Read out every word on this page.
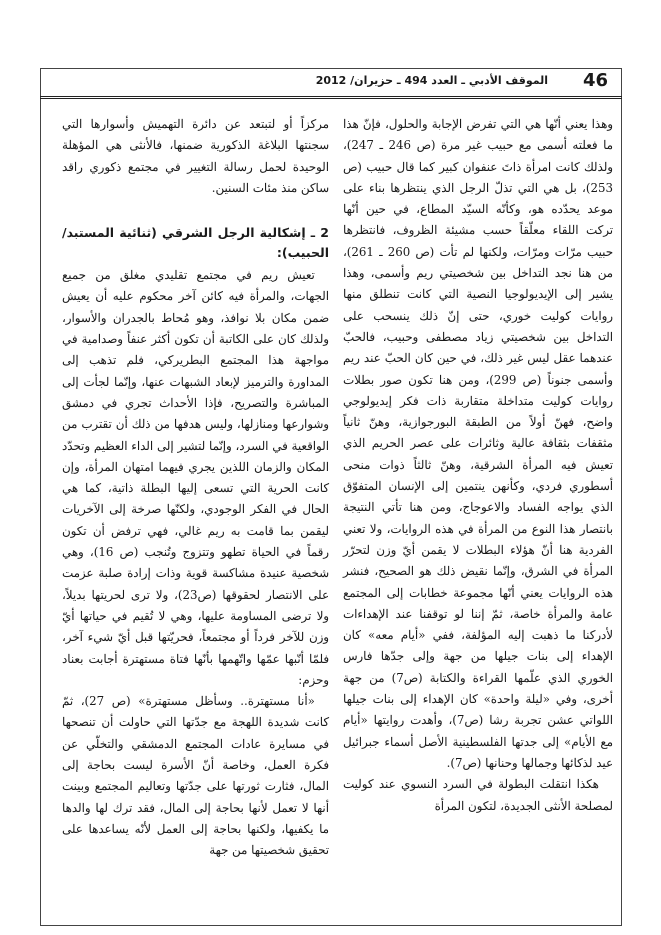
46
الموقف الأدبي ـ العدد 494 ـ حزيران/ 2012

وهذا يعني أنّها هي التي تفرض الإجابة والحلول، فإنّ هذا ما فعلته أسمى مع حبيب غير مرة (ص 246 ـ 247)، ولذلك كانت امرأة ذاتَ عنفوان كبير كما قال حبيب (ص 253)، بل هي التي تذلّ الرجل الذي ينتظرها بناء على موعد يحدّده هو، وكأنّه السيّد المطاع، في حين أنّها تركت اللقاء معلّقاً حسب مشيئة الظروف، فانتظرها حبيب مرّات ومرّات، ولكنها لم تأت (ص 260 ـ 261)، من هنا نجد التداخل بين شخصيتي ريم وأسمى، وهذا يشير إلى الإيديولوجيا النصية التي كانت تنطلق منها روايات كوليت خوري، حتى إنّ ذلك ينسحب على التداخل بين شخصيتي زياد مصطفى وحبيب، فالحبّ عندهما عقل ليس غير ذلك، في حين كان الحبّ عند ريم وأسمى جنوناً (ص 299)، ومن هنا تكون صور بطلات روايات كوليت متداخلة متقاربة ذات فكر إيديولوجي واضح، فهنّ أولاً من الطبقة البورجوازية، وهنّ ثانياً مثقفات بثقافة عالية وثائرات على عصر الحريم الذي تعيش فيه المرأة الشرقية، وهنّ ثالثاً ذوات منحى أسطوري فردي، وكأنهن ينتمين إلى الإنسان المتفوّق الذي يواجه الفساد والاعوجاج، ومن هنا تأتي النتيجة بانتصار هذا النوع من المرأة في هذه الروايات، ولا تعني الفردية هنا أنّ هؤلاء البطلات لا يقمن أيّ وزن لتحرّر المرأة في الشرق، وإنّما نقيض ذلك هو الصحيح، فنشر هذه الروايات يعني أنّها مجموعة خطابات إلى المجتمع عامة والمرأة خاصة، ثمّ إننا لو توقفنا عند الإهداءات لأدركنا ما ذهبت إليه المؤلفة، ففي «أيام معه» كان الإهداء إلى بنات جيلها من جهة وإلى جدّها فارس الخوري الذي علّمها القراءة والكتابة (ص7) من جهة أخرى، وفي «ليلة واحدة» كان الإهداء إلى بنات جيلها اللواتي عشن تجربة رشا (ص7)، وأهدت روايتها «أيام مع الأيام» إلى جدتها الفلسطينية الأصل أسماء جبرائيل عيد لذكائها وجمالها وحنانها (ص7).

هكذا انتقلت البطولة في السرد النسوي عند كوليت لمصلحة الأنثى الجديدة، لتكون المرأة

مركزاً أو لتبتعد عن دائرة التهميش وأسوارها التي سجنتها البلاغة الذكورية ضمنها، فالأنثى هي المؤهلة الوحيدة لحمل رسالة التغيير في مجتمع ذكوري راقد ساكن منذ مئات السنين.

2 ـ إشكالية الرجل الشرقي (ثنائية المستبد/الحبيب):

تعيش ريم في مجتمع تقليدي مغلق من جميع الجهات، والمرأة فيه كائن آخر محكوم عليه أن يعيش ضمن مكان بلا نوافذ، وهو مُحاط بالجدران والأسوار، ولذلك كان على الكاتبة أن تكون أكثر عنفاً وصدامية في مواجهة هذا المجتمع البطريركي، فلم تذهب إلى المداورة والترميز لإبعاد الشبهات عنها، وإنّما لجأت إلى المباشرة والتصريح، فإذا الأحداث تجري في دمشق وشوارعها ومنازلها، وليس هدفها من ذلك أن تقترب من الواقعية في السرد، وإنّما لتشير إلى الداء العظيم وتحدّد المكان والزمان اللذين يجري فيهما امتهان المرأة، وإن كانت الحرية التي تسعى إليها البطلة ذاتية، كما هي الحال في الفكر الوجودي، ولكنّها صرخة إلى الآخريات ليقمن بما قامت به ريم غالي، فهي ترفض أن تكون رقماً في الحياة تطهو وتتزوج وتُنجب (ص 16)، وهي شخصية عنيدة مشاكسة قوية وذات إرادة صلبة عزمت على الانتصار لحقوقها (ص23)، ولا ترى لحريتها بديلاً، ولا ترضى المساومة عليها، وهي لا تُقيم في حياتها أيّ وزن للآخر فرداً أو مجتمعاً، فحريّتها قبل أيّ شيء آخر، فلمّا أنّبها عمّها واتّهمها بأنّها فتاة مستهترة أجابت بعناد وحزم:

«أنا مستهترة.. وسأظل مستهترة» (ص 27)، ثمّ كانت شديدة اللهجة مع جدّتها التي حاولت أن تنصحها في مسايرة عادات المجتمع الدمشقي والتخلّي عن فكرة العمل، وخاصة أنّ الأسرة ليست بحاجة إلى المال، فثارت ثورتها على جدّتها وتعاليم المجتمع وبينت أنها لا تعمل لأنها بحاجة إلى المال، فقد ترك لها والدها ما يكفيها، ولكنها بحاجة إلى العمل لأنّه يساعدها على تحقيق شخصيتها من جهة
